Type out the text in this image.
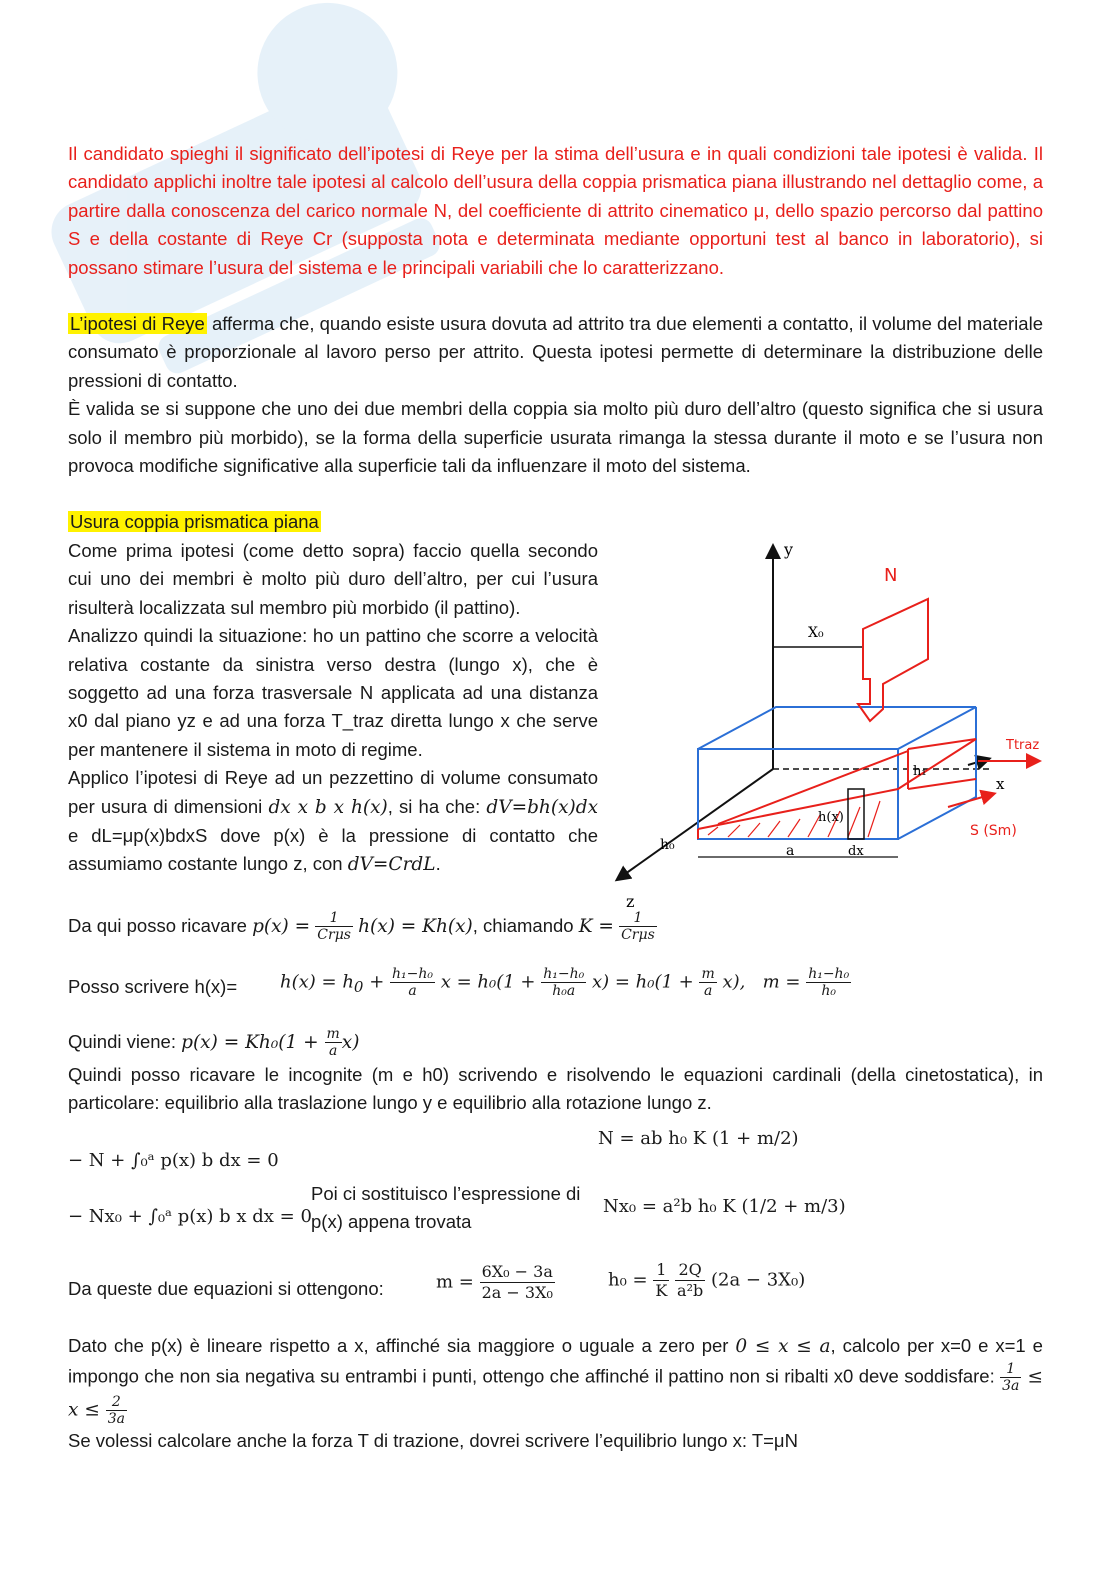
Il candidato spieghi il significato dell’ipotesi di Reye per la stima dell’usura e in quali condizioni tale ipotesi è valida. Il candidato applichi inoltre tale ipotesi al calcolo dell’usura della coppia prismatica piana illustrando nel dettaglio come, a partire dalla conoscenza del carico normale N, del coefficiente di attrito cinematico μ, dello spazio percorso dal pattino S e della costante di Reye Cr (supposta nota e determinata mediante opportuni test al banco in laboratorio), si possano stimare l’usura del sistema e le principali variabili che lo caratterizzano.

L’ipotesi di Reye afferma che, quando esiste usura dovuta ad attrito tra due elementi a contatto, il volume del materiale consumato è proporzionale al lavoro perso per attrito. Questa ipotesi permette di determinare la distribuzione delle pressioni di contatto.

È valida se si suppone che uno dei due membri della coppia sia molto più duro dell’altro (questo significa che si usura solo il membro più morbido), se la forma della superficie usurata rimanga la stessa durante il moto e se l’usura non provoca modifiche significative alla superficie tali da influenzare il moto del sistema.

Usura coppia prismatica piana

Come prima ipotesi (come detto sopra) faccio quella secondo cui uno dei membri è molto più duro dell’altro, per cui l’usura risulterà localizzata sul membro più morbido (il pattino).

Analizzo quindi la situazione: ho un pattino che scorre a velocità relativa costante da sinistra verso destra (lungo x), che è soggetto ad una forza trasversale N applicata ad una distanza x0 dal piano yz e ad una forza T_traz diretta lungo x che serve per mantenere il sistema in moto di regime.

Applico l’ipotesi di Reye ad un pezzettino di volume consumato per usura di dimensioni dx x b x h(x), si ha che: dV=bh(x)dx e dL=μp(x)bdxS dove p(x) è la pressione di contatto che assumiamo costante lungo z, con dV=CrdL.

y
z
x
X₀
N
Ttraz
S (Sm)
h(x)
h₁
h₀	a	dx

Da qui posso ricavare $p(x) = \frac{1}{\text{Crμs}} h(x) = Kh(x)$, chiamando $K = \frac{1}{\text{Crμs}}$

Posso scrivere $h(x)= h(x) = h_0 + \frac{\text{h₁−h₀}}{a}$ $x = h_0(1 + \frac{\text{h₁−h₀}}{\text{h₀a}} x) = h_0(1 + \frac{m}{a} x)$, $m = \frac{\text{h₁−h₀}}{\text{h₀}}$

Quindi viene: $p(x) = Kh_0(1 + \frac{m}{a} x)$

Quindi posso ricavare le incognite (m e h0) scrivendo e risolvendo le equazioni cardinali (della cinetostatica), in particolare: equilibrio alla traslazione lungo y e equilibrio alla rotazione lungo z.

− N + ∫₀ᵃ p(x) b dx = 0
− Nx₀ + ∫₀ᵃ p(x) b x dx = 0
Poi ci sostituisco l’espressione di p(x) appena trovata
N = ab h₀ K (1 + m/2)
Nx₀ = a²b h₀ K (1/2 + m/3)
Da queste due equazioni si ottengono:	$m = \frac{\text{6X₀ − 3a}}{\text{2a − 3X₀}}$	$h_0 = \frac{1}{K}$
$\frac{2Q}{\text{a²b}} (2a - 3X_0)$

Dato che p(x) è lineare rispetto a x, affinché sia maggiore o uguale a zero per 0 ≤ x ≤ a, calcolo per x=0 e x=1 e impongo che non sia negativa su entrambi i punti, ottengo che affinché il pattino non si ribalti x0 deve soddisfare: $\frac{1}{3a} \le x \le \frac{2}{3a}$

Se volessi calcolare anche la forza T di trazione, dovrei scrivere l’equilibrio lungo x: T=μN
